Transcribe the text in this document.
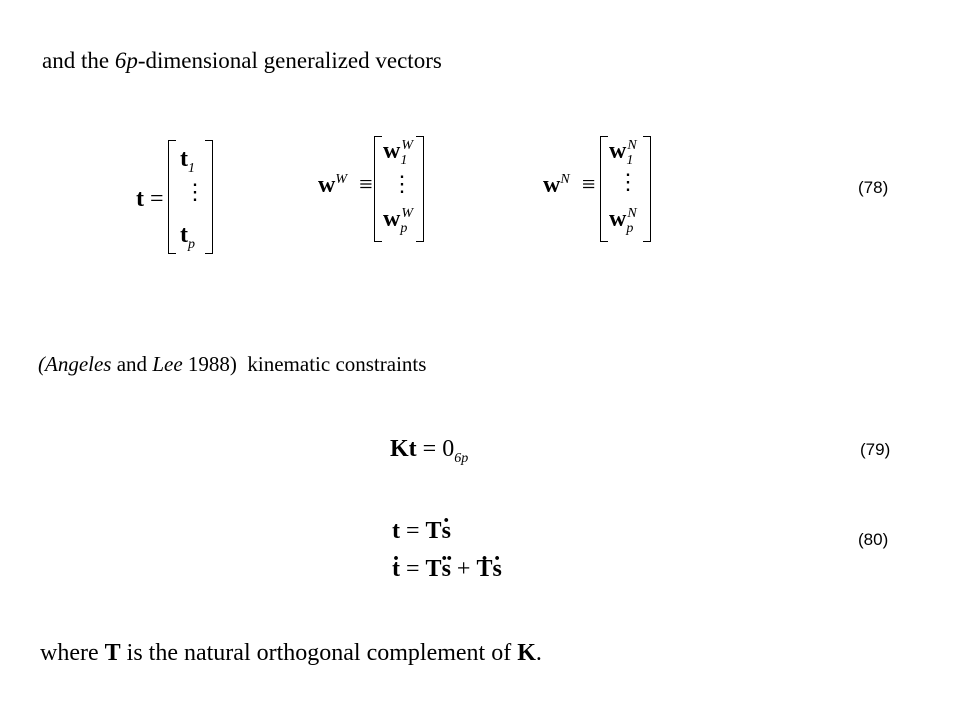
and the 6p-dimensional generalized vectors
t =
$t_1$
⋮
$t_p$
$w^W$ ≡
$w_1^W$
⋮
$w_p^W$
$w^N$ ≡
$w_1^N$
⋮
$w_p^N$
(78)
(Angeles and Lee 1988)  kinematic constraints
$Kt = 0_{6p}$	(79)
t = Ts .
t . = Ts .. + T .s .
(80)
where T is the natural orthogonal complement of K.
